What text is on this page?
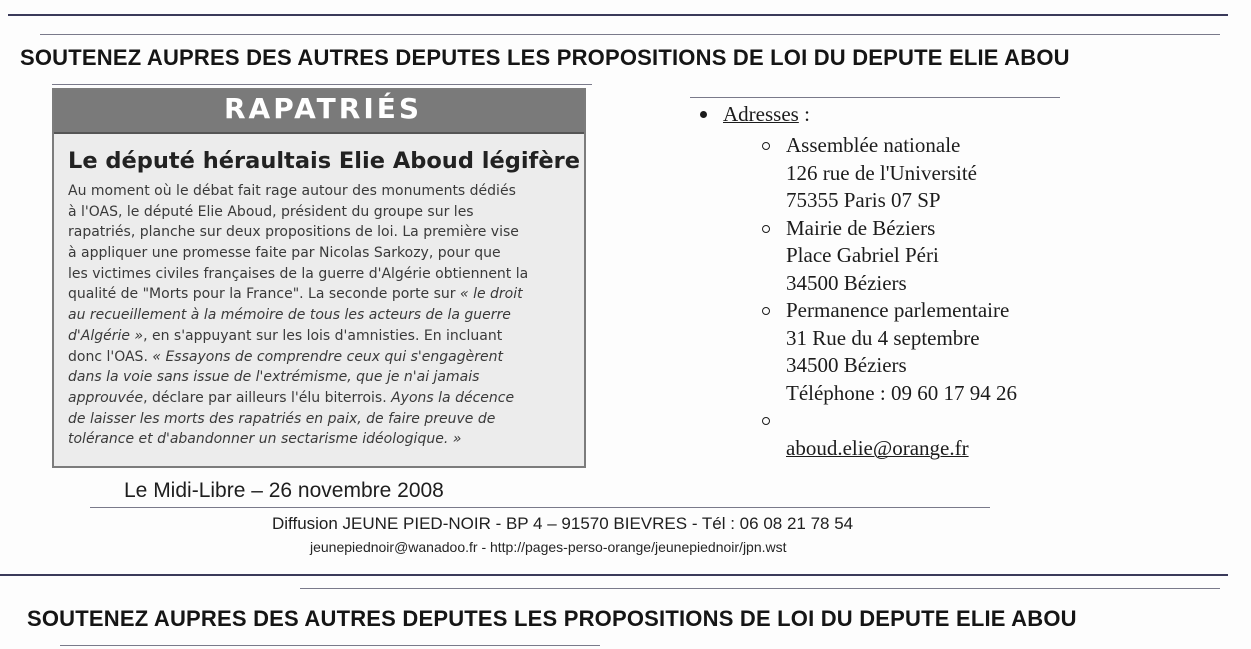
SOUTENEZ AUPRES DES AUTRES DEPUTES LES PROPOSITIONS DE LOI DU DEPUTE ELIE ABOU
RAPATRIÉS
Le député héraultais Elie Aboud légifère
Au moment où le débat fait rage autour des monuments dédiés
à l'OAS, le député Elie Aboud, président du groupe sur les
rapatriés, planche sur deux propositions de loi. La première vise
à appliquer une promesse faite par Nicolas Sarkozy, pour que
les victimes civiles françaises de la guerre d'Algérie obtiennent la
qualité de "Morts pour la France". La seconde porte sur « le droit
au recueillement à la mémoire de tous les acteurs de la guerre
d'Algérie », en s'appuyant sur les lois d'amnisties. En incluant
donc l'OAS. « Essayons de comprendre ceux qui s'engagèrent
dans la voie sans issue de l'extrémisme, que je n'ai jamais
approuvée, déclare par ailleurs l'élu biterrois. Ayons la décence
de laisser les morts des rapatriés en paix, de faire preuve de
tolérance et d'abandonner un sectarisme idéologique. »
Le Midi-Libre – 26 novembre 2008
Diffusion JEUNE PIED-NOIR - BP 4 – 91570 BIEVRES - Tél : 06 08 21 78 54
jeunepiednoir@wanadoo.fr - http://pages-perso-orange/jeunepiednoir/jpn.wst
Adresses :
Assemblée nationale
126 rue de l'Université
75355 Paris 07 SP
Mairie de Béziers
Place Gabriel Péri
34500 Béziers
Permanence parlementaire
31 Rue du 4 septembre
34500 Béziers
Téléphone : 09 60 17 94 26

aboud.elie@orange.fr
SOUTENEZ AUPRES DES AUTRES DEPUTES LES PROPOSITIONS DE LOI DU DEPUTE ELIE ABOU
